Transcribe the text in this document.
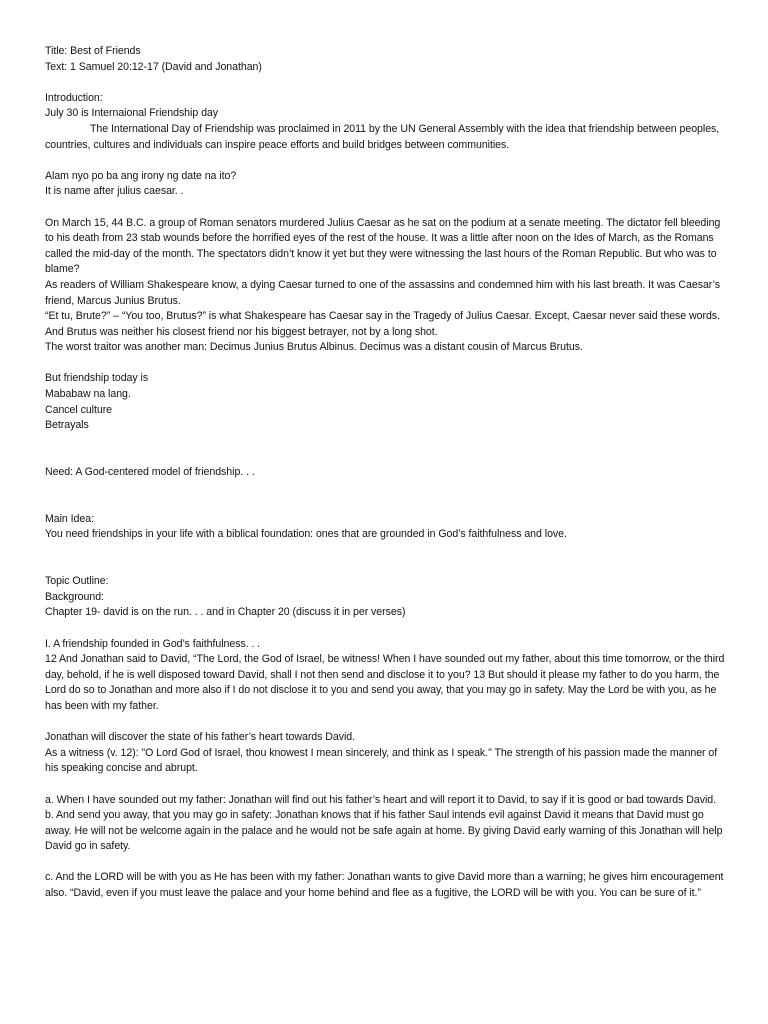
Title: Best of Friends

Text: 1 Samuel 20:12-17 (David and Jonathan)

Introduction:

July 30 is Internaional Friendship day

The International Day of Friendship was proclaimed in 2011 by the UN General Assembly with the idea that friendship between peoples, countries, cultures and individuals can inspire peace efforts and build bridges between communities.

Alam nyo po ba ang irony ng date na ito?

It is name after julius caesar. .

On March 15, 44 B.C. a group of Roman senators murdered Julius Caesar as he sat on the podium at a senate meeting. The dictator fell bleeding to his death from 23 stab wounds before the horrified eyes of the rest of the house. It was a little after noon on the Ides of March, as the Romans called the mid-day of the month. The spectators didn’t know it yet but they were witnessing the last hours of the Roman Republic. But who was to blame?

As readers of William Shakespeare know, a dying Caesar turned to one of the assassins and condemned him with his last breath. It was Caesar’s friend, Marcus Junius Brutus.

“Et tu, Brute?” – “You too, Brutus?” is what Shakespeare has Caesar say in the Tragedy of Julius Caesar. Except, Caesar never said these words. And Brutus was neither his closest friend nor his biggest betrayer, not by a long shot.

The worst traitor was another man: Decimus Junius Brutus Albinus. Decimus was a distant cousin of Marcus Brutus.

But friendship today is

Mababaw na lang.

Cancel culture

Betrayals

Need: A God-centered model of friendship. . .

Main Idea:

You need friendships in your life with a biblical foundation: ones that are grounded in God’s faithfulness and love.

Topic Outline:

Background:

Chapter 19- david is on the run. . . and in Chapter 20 (discuss it in per verses)

I. A friendship founded in God’s faithfulness. . .

12 And Jonathan said to David, “The Lord, the God of Israel, be witness! When I have sounded out my father, about this time tomorrow, or the third day, behold, if he is well disposed toward David, shall I not then send and disclose it to you? 13 But should it please my father to do you harm, the Lord do so to Jonathan and more also if I do not disclose it to you and send you away, that you may go in safety. May the Lord be with you, as he has been with my father.

Jonathan will discover the state of his father’s heart towards David.

As a witness (v. 12): "O Lord God of Israel, thou knowest I mean sincerely, and think as I speak." The strength of his passion made the manner of his speaking concise and abrupt.

a. When I have sounded out my father: Jonathan will find out his father’s heart and will report it to David, to say if it is good or bad towards David.

b. And send you away, that you may go in safety: Jonathan knows that if his father Saul intends evil against David it means that David must go away. He will not be welcome again in the palace and he would not be safe again at home. By giving David early warning of this Jonathan will help David go in safety.

c. And the LORD will be with you as He has been with my father: Jonathan wants to give David more than a warning; he gives him encouragement also. “David, even if you must leave the palace and your home behind and flee as a fugitive, the LORD will be with you. You can be sure of it.”
